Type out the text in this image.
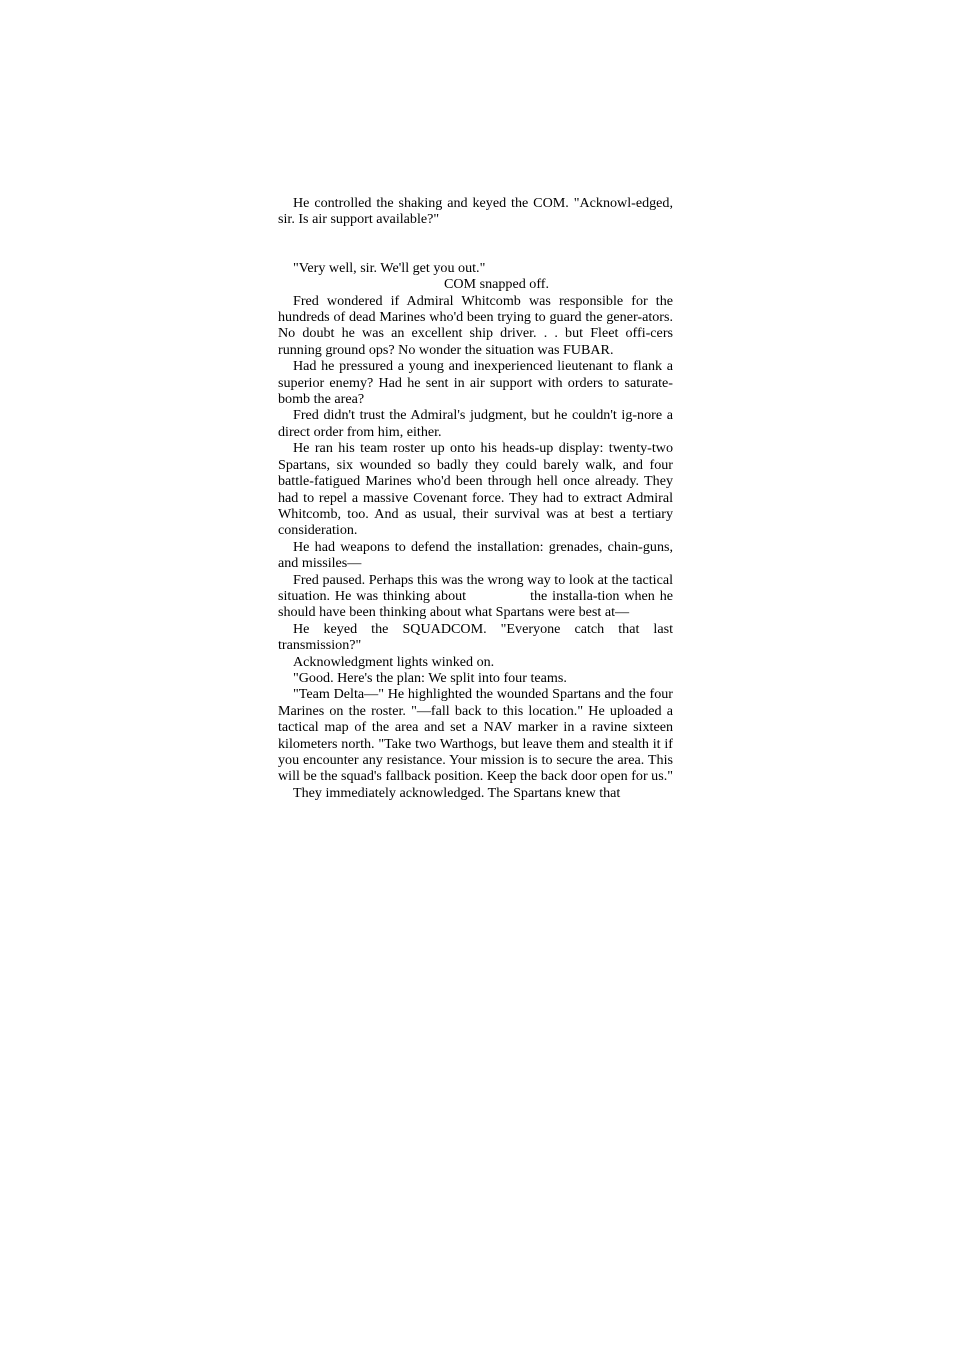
He controlled the shaking and keyed the COM. "Acknowl-edged, sir. Is air support available?"

"Very well, sir. We'll get you out."

COM snapped off.

Fred wondered if Admiral Whitcomb was responsible for the hundreds of dead Marines who'd been trying to guard the gener-ators. No doubt he was an excellent ship driver. . . but Fleet offi-cers running ground ops? No wonder the situation was FUBAR.

Had he pressured a young and inexperienced lieutenant to flank a superior enemy? Had he sent in air support with orders to saturate-bomb the area?

Fred didn't trust the Admiral's judgment, but he couldn't ig-nore a direct order from him, either.

He ran his team roster up onto his heads-up display: twenty-two Spartans, six wounded so badly they could barely walk, and four battle-fatigued Marines who'd been through hell once already. They had to repel a massive Covenant force. They had to extract Admiral Whitcomb, too. And as usual, their survival was at best a tertiary consideration.

He had weapons to defend the installation: grenades, chain-guns, and missiles—

Fred paused. Perhaps this was the wrong way to look at the tactical situation. He was thinking about	the installa-tion when he should have been thinking about what Spartans were best at—

He keyed the SQUADCOM. "Everyone catch that last transmission?"

Acknowledgment lights winked on.

"Good. Here's the plan: We split into four teams.

"Team Delta—" He highlighted the wounded Spartans and the four Marines on the roster. "—fall back to this location." He uploaded a tactical map of the area and set a NAV marker in a ravine sixteen kilometers north. "Take two Warthogs, but leave them and stealth it if you encounter any resistance. Your mission is to secure the area. This will be the squad's fallback position. Keep the back door open for us."

They immediately acknowledged. The Spartans knew that
